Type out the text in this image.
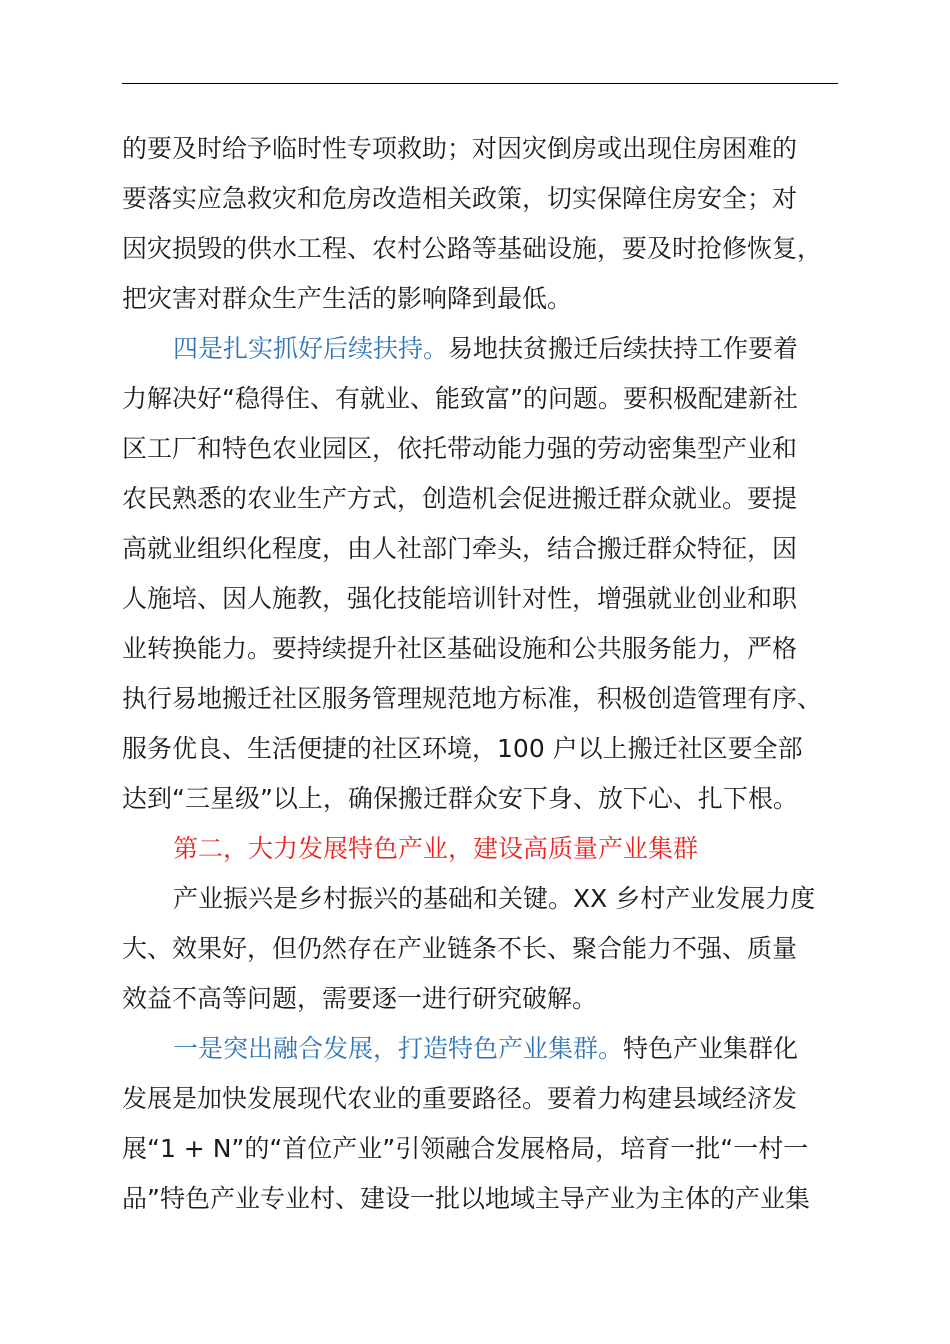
的要及时给予临时性专项救助；对因灾倒房或出现住房困难的
要落实应急救灾和危房改造相关政策，切实保障住房安全；对
因灾损毁的供水工程、农村公路等基础设施，要及时抢修恢复，
把灾害对群众生产生活的影响降到最低。
四是扎实抓好后续扶持。易地扶贫搬迁后续扶持工作要着
力解决好“稳得住、有就业、能致富”的问题。要积极配建新社
区工厂和特色农业园区，依托带动能力强的劳动密集型产业和
农民熟悉的农业生产方式，创造机会促进搬迁群众就业。要提
高就业组织化程度，由人社部门牵头，结合搬迁群众特征，因
人施培、因人施教，强化技能培训针对性，增强就业创业和职
业转换能力。要持续提升社区基础设施和公共服务能力，严格
执行易地搬迁社区服务管理规范地方标准，积极创造管理有序、
服务优良、生活便捷的社区环境，100 户以上搬迁社区要全部
达到“三星级”以上，确保搬迁群众安下身、放下心、扎下根。
第二，大力发展特色产业，建设高质量产业集群
产业振兴是乡村振兴的基础和关键。XX 乡村产业发展力度
大、效果好，但仍然存在产业链条不长、聚合能力不强、质量
效益不高等问题，需要逐一进行研究破解。
一是突出融合发展，打造特色产业集群。特色产业集群化
发展是加快发展现代农业的重要路径。要着力构建县域经济发
展“1 + N”的“首位产业”引领融合发展格局，培育一批“一村一
品”特色产业专业村、建设一批以地域主导产业为主体的产业集
